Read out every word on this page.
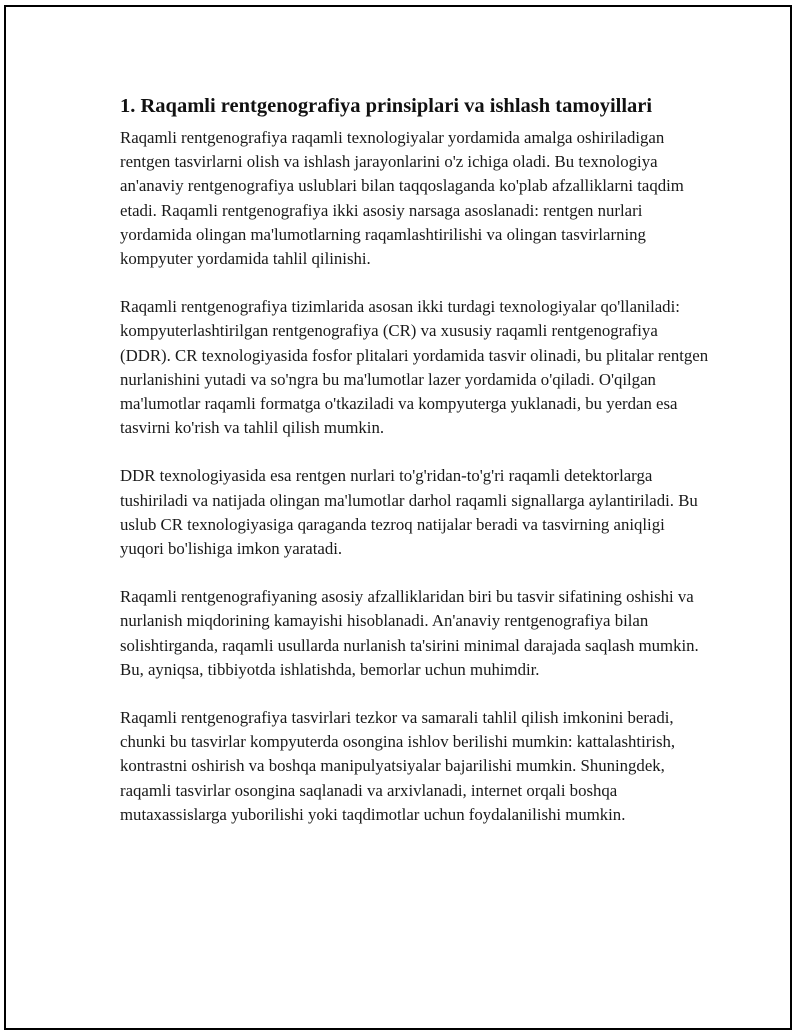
1. Raqamli rentgenografiya prinsiplari va ishlash tamoyillari

Raqamli rentgenografiya raqamli texnologiyalar yordamida amalga oshiriladigan rentgen tasvirlarni olish va ishlash jarayonlarini o'z ichiga oladi. Bu texnologiya an'anaviy rentgenografiya uslublari bilan taqqoslaganda ko'plab afzalliklarni taqdim etadi. Raqamli rentgenografiya ikki asosiy narsaga asoslanadi: rentgen nurlari yordamida olingan ma'lumotlarning raqamlashtirilishi va olingan tasvirlarning kompyuter yordamida tahlil qilinishi.

Raqamli rentgenografiya tizimlarida asosan ikki turdagi texnologiyalar qo'llaniladi: kompyuterlashtirilgan rentgenografiya (CR) va xususiy raqamli rentgenografiya (DDR). CR texnologiyasida fosfor plitalari yordamida tasvir olinadi, bu plitalar rentgen nurlanishini yutadi va so'ngra bu ma'lumotlar lazer yordamida o'qiladi. O'qilgan ma'lumotlar raqamli formatga o'tkaziladi va kompyuterga yuklanadi, bu yerdan esa tasvirni ko'rish va tahlil qilish mumkin.

DDR texnologiyasida esa rentgen nurlari to'g'ridan-to'g'ri raqamli detektorlarga tushiriladi va natijada olingan ma'lumotlar darhol raqamli signallarga aylantiriladi. Bu uslub CR texnologiyasiga qaraganda tezroq natijalar beradi va tasvirning aniqligi yuqori bo'lishiga imkon yaratadi.

Raqamli rentgenografiyaning asosiy afzalliklaridan biri bu tasvir sifatining oshishi va nurlanish miqdorining kamayishi hisoblanadi. An'anaviy rentgenografiya bilan solishtirganda, raqamli usullarda nurlanish ta'sirini minimal darajada saqlash mumkin. Bu, ayniqsa, tibbiyotda ishlatishda, bemorlar uchun muhimdir.

Raqamli rentgenografiya tasvirlari tezkor va samarali tahlil qilish imkonini beradi, chunki bu tasvirlar kompyuterda osongina ishlov berilishi mumkin: kattalashtirish, kontrastni oshirish va boshqa manipulyatsiyalar bajarilishi mumkin. Shuningdek, raqamli tasvirlar osongina saqlanadi va arxivlanadi, internet orqali boshqa mutaxassislarga yuborilishi yoki taqdimotlar uchun foydalanilishi mumkin.
